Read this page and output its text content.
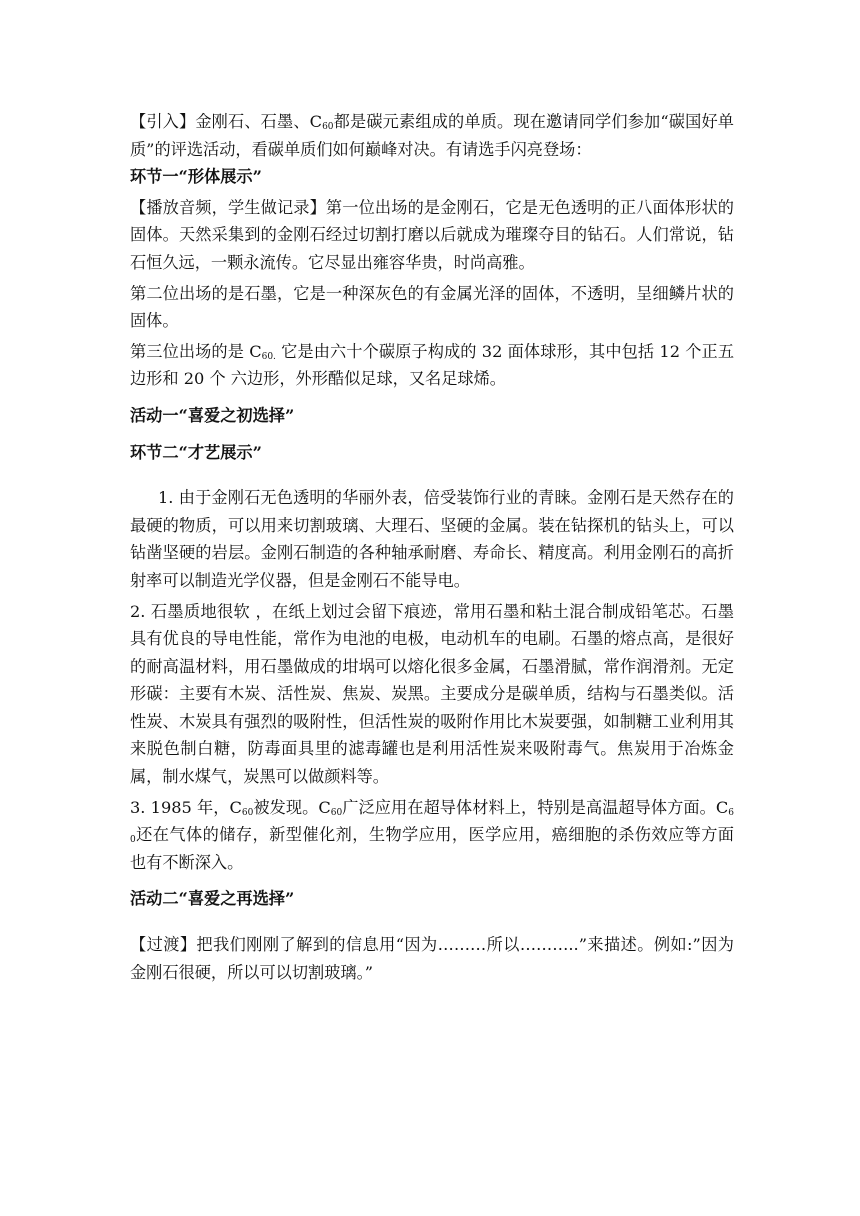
【引入】金刚石、石墨、$C_{60}$都是碳元素组成的单质。现在邀请同学们参加“碳国好单质”的评选活动，看碳单质们如何巅峰对决。有请选手闪亮登场：

环节一“形体展示”

【播放音频，学生做记录】第一位出场的是金刚石，它是无色透明的正八面体形状的固体。天然采集到的金刚石经过切割打磨以后就成为璀璨夺目的钻石。人们常说，钻石恒久远，一颗永流传。它尽显出雍容华贵，时尚高雅。

第二位出场的是石墨，它是一种深灰色的有金属光泽的固体，不透明，呈细鳞片状的固体。

第三位出场的是 $C_{60.}$ 它是由六十个碳原子构成的 32 面体球形，其中包括 12 个正五边形和 20 个 六边形，外形酷似足球，又名足球烯。

活动一“喜爱之初选择”

环节二“才艺展示”

1. 由于金刚石无色透明的华丽外表，倍受装饰行业的青睐。金刚石是天然存在的最硬的物质，可以用来切割玻璃、大理石、坚硬的金属。装在钻探机的钻头上，可以钻凿坚硬的岩层。金刚石制造的各种轴承耐磨、寿命长、精度高。利用金刚石的高折射率可以制造光学仪器，但是金刚石不能导电。

2. 石墨质地很软 ，在纸上划过会留下痕迹，常用石墨和粘土混合制成铅笔芯。石墨具有优良的导电性能，常作为电池的电极，电动机车的电刷。石墨的熔点高，是很好的耐高温材料，用石墨做成的坩埚可以熔化很多金属，石墨滑腻，常作润滑剂。无定形碳：主要有木炭、活性炭、焦炭、炭黑。主要成分是碳单质，结构与石墨类似。活性炭、木炭具有强烈的吸附性，但活性炭的吸附作用比木炭要强，如制糖工业利用其来脱色制白糖，防毒面具里的滤毒罐也是利用活性炭来吸附毒气。焦炭用于冶炼金属，制水煤气，炭黑可以做颜料等。

3. 1985 年，$C_{60}$被发现。$C_{60}$广泛应用在超导体材料上，特别是高温超导体方面。$C_{60}$还在气体的储存，新型催化剂，生物学应用，医学应用，癌细胞的杀伤效应等方面也有不断深入。

活动二“喜爱之再选择”

【过渡】把我们刚刚了解到的信息用“因为………所以………..”来描述。例如:”因为金刚石很硬，所以可以切割玻璃。”
